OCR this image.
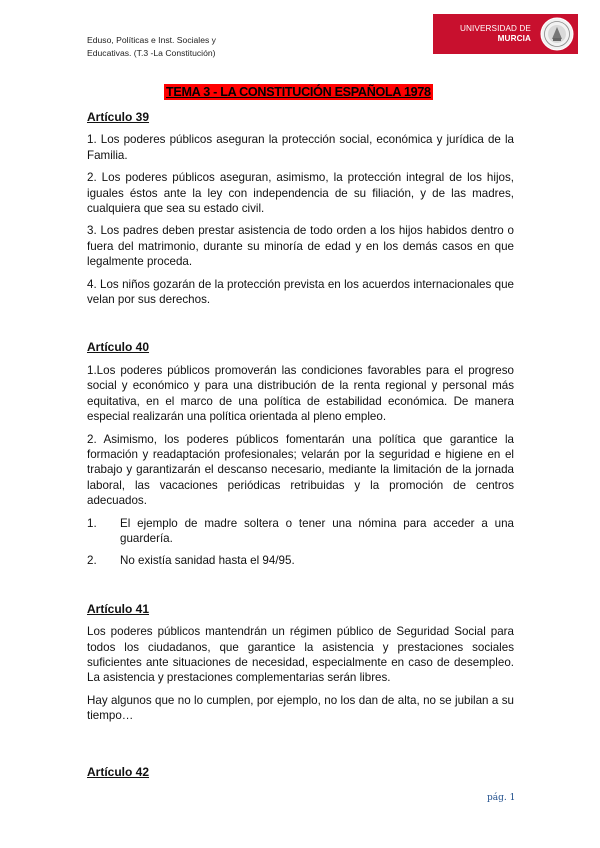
Eduso, Políticas e Inst. Sociales y
Educativas. (T.3 -La Constitución)
UNIVERSIDAD DE
MURCIA
TEMA 3 - LA CONSTITUCIÓN ESPAÑOLA 1978
Artículo 39

1. Los poderes públicos aseguran la protección social, económica y jurídica de la Familia.

2. Los poderes públicos aseguran, asimismo, la protección integral de los hijos, iguales éstos ante la ley con independencia de su filiación, y de las madres, cualquiera que sea su estado civil.

3. Los padres deben prestar asistencia de todo orden a los hijos habidos dentro o fuera del matrimonio, durante su minoría de edad y en los demás casos en que legalmente proceda.

4. Los niños gozarán de la protección prevista en los acuerdos internacionales que velan por sus derechos.

Artículo 40

1.Los poderes públicos promoverán las condiciones favorables para el progreso social y económico y para una distribución de la renta regional y personal más equitativa, en el marco de una política de estabilidad económica. De manera especial realizarán una política orientada al pleno empleo.

2. Asimismo, los poderes públicos fomentarán una política que garantice la formación y readaptación profesionales; velarán por la seguridad e higiene en el trabajo y garantizarán el descanso necesario, mediante la limitación de la jornada laboral, las vacaciones periódicas retribuidas y la promoción de centros adecuados.

1.	El ejemplo de madre soltera o tener una nómina para acceder a una guardería.

2.	No existía sanidad hasta el 94/95.

Artículo 41

Los poderes públicos mantendrán un régimen público de Seguridad Social para todos los ciudadanos, que garantice la asistencia y prestaciones sociales suficientes ante situaciones de necesidad, especialmente en caso de desempleo. La asistencia y prestaciones complementarias serán libres.

Hay algunos que no lo cumplen, por ejemplo, no los dan de alta, no se jubilan a su tiempo…

Artículo 42
pág. 1
